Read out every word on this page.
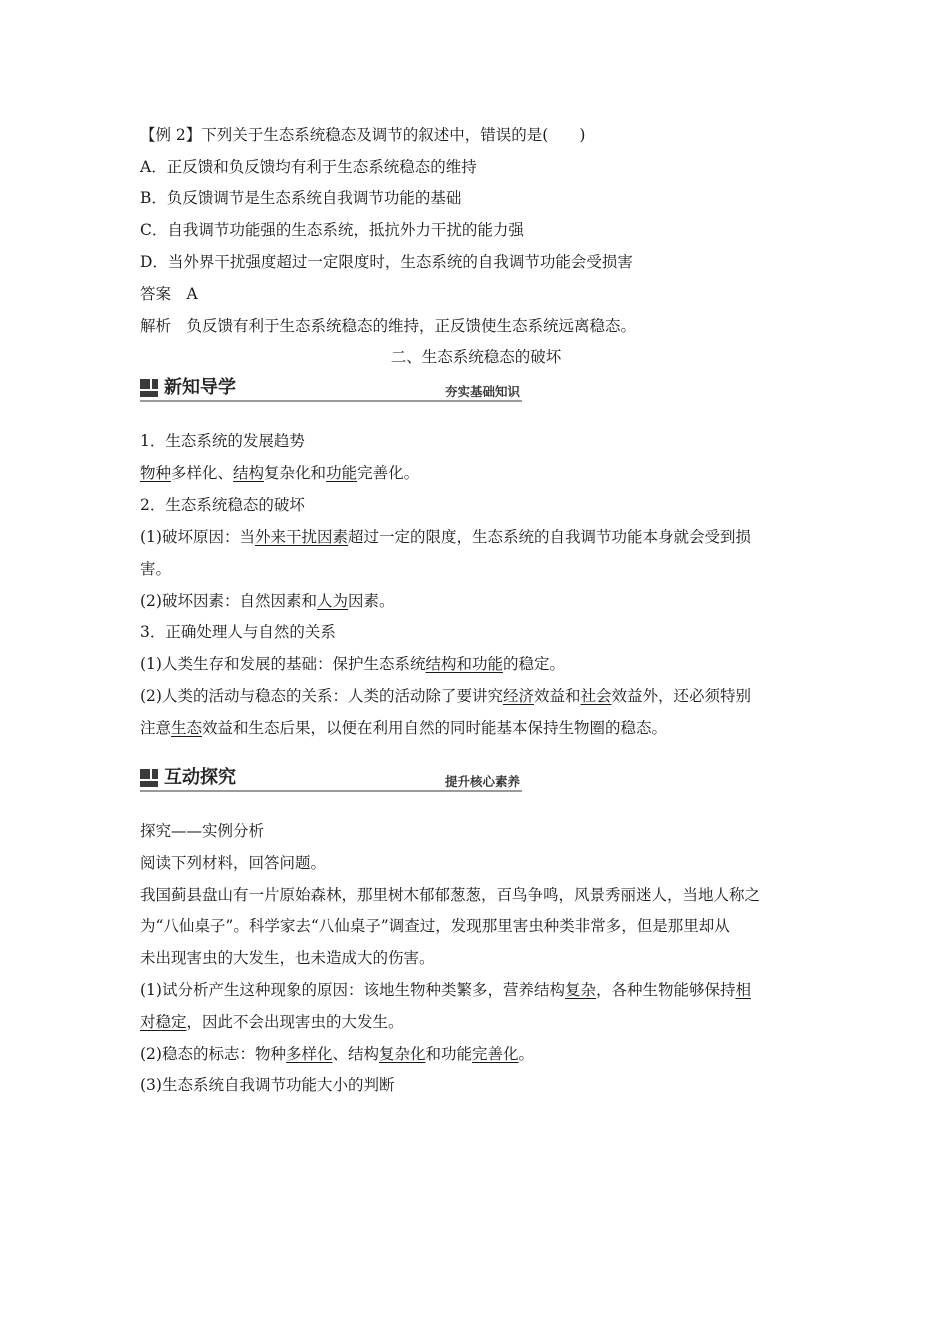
【例 2】下列关于生态系统稳态及调节的叙述中，错误的是(　　)
A．正反馈和负反馈均有利于生态系统稳态的维持
B．负反馈调节是生态系统自我调节功能的基础
C．自我调节功能强的生态系统，抵抗外力干扰的能力强
D．当外界干扰强度超过一定限度时，生态系统的自我调节功能会受损害
答案　 A
解析　 负反馈有利于生态系统稳态的维持，正反馈使生态系统远离稳态。
二、生态系统稳态的破坏
新知导学	夯实基础知识
1．生态系统的发展趋势
物种多样化、结构复杂化和功能完善化。
2．生态系统稳态的破坏
(1)破坏原因：当外来干扰因素超过一定的限度，生态系统的自我调节功能本身就会受到损
害。
(2)破坏因素：自然因素和人为因素。
3．正确处理人与自然的关系
(1)人类生存和发展的基础：保护生态系统结构和功能的稳定。
(2)人类的活动与稳态的关系：人类的活动除了要讲究经济效益和社会效益外，还必须特别
注意生态效益和生态后果，以便在利用自然的同时能基本保持生物圈的稳态。
互动探究	提升核心素养
探究——实例分析
阅读下列材料，回答问题。
我国蓟县盘山有一片原始森林，那里树木郁郁葱葱，百鸟争鸣，风景秀丽迷人，当地人称之
为“八仙桌子”。科学家去“八仙桌子”调查过，发现那里害虫种类非常多，但是那里却从
未出现害虫的大发生，也未造成大的伤害。
(1)试分析产生这种现象的原因：该地生物种类繁多，营养结构复杂，各种生物能够保持相
对稳定，因此不会出现害虫的大发生。
(2)稳态的标志：物种多样化、结构复杂化和功能完善化。
(3)生态系统自我调节功能大小的判断
